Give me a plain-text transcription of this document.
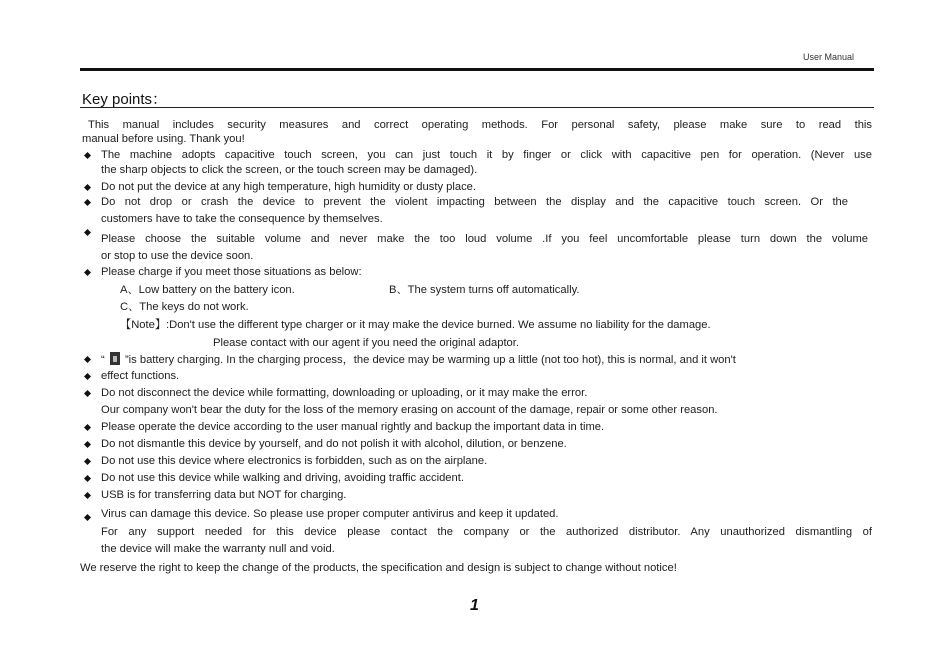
User Manual
Key points：
This manual includes security measures and correct operating methods. For personal safety, please make sure to read this
manual before using. Thank you!
The machine adopts capacitive touch screen, you can just touch it by finger or click with capacitive pen for operation. (Never use
the sharp objects to click the screen, or the touch screen may be damaged).
Do not put the device at any high temperature, high humidity or dusty place.
Do not drop or crash the device to prevent the violent impacting between the display and the capacitive touch screen. Or the
customers have to take the consequence by themselves.
Please choose the suitable volume and never make the too loud volume .If you feel uncomfortable please turn down the volume
or stop to use the device soon.
Please charge if you meet those situations as below:
A、Low battery on the battery icon.	B、The system turns off automatically.
C、The keys do not work.
【Note】:Don't use the different type charger or it may make the device burned. We assume no liability for the damage.
Please contact with our agent if you need the original adaptor.
“ ”is battery charging. In the charging process，the device may be warming up a little (not too hot), this is normal, and it won't
effect functions.
Do not disconnect the device while formatting, downloading or uploading, or it may make the error.
Our company won't bear the duty for the loss of the memory erasing on account of the damage, repair or some other reason.
Please operate the device according to the user manual rightly and backup the important data in time.
Do not dismantle this device by yourself, and do not polish it with alcohol, dilution, or benzene.
Do not use this device where electronics is forbidden, such as on the airplane.
Do not use this device while walking and driving, avoiding traffic accident.
USB is for transferring data but NOT for charging.
Virus can damage this device. So please use proper computer antivirus and keep it updated.
For any support needed for this device please contact the company or the authorized distributor. Any unauthorized dismantling of
the device will make the warranty null and void.
We reserve the right to keep the change of the products, the specification and design is subject to change without notice!
1
